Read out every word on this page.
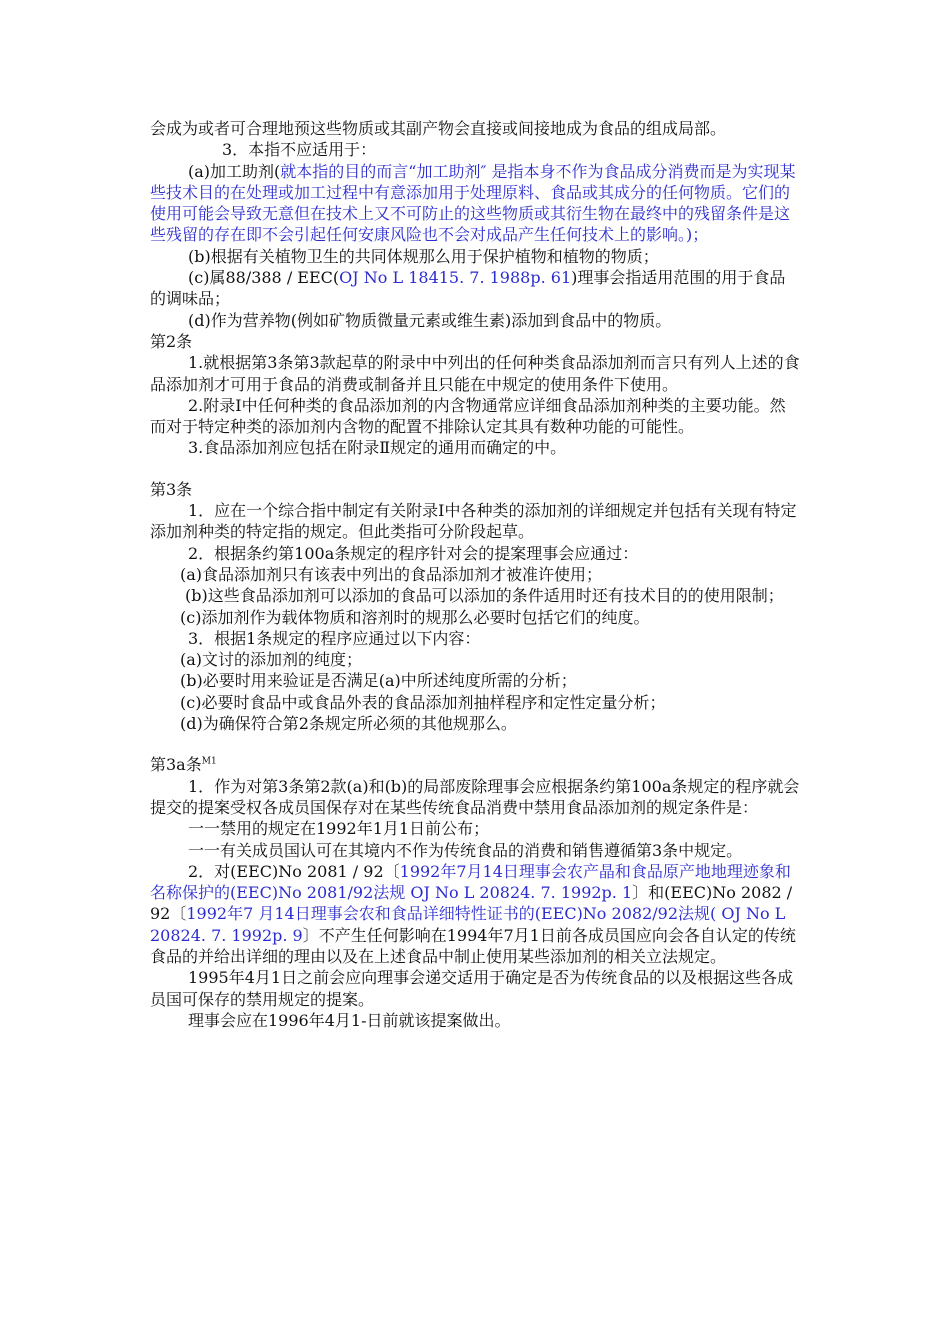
会成为或者可合理地预这些物质或其副产物会直接或间接地成为食品的组成局部。

3．本指不应适用于：

(a)加工助剂(就本指的目的而言“加工助剂″ 是指本身不作为食品成分消费而是为实现某些技术目的在处理或加工过程中有意添加用于处理原料、食品或其成分的任何物质。它们的使用可能会导致无意但在技术上又不可防止的这些物质或其衍生物在最终中的残留条件是这些残留的存在即不会引起任何安康风险也不会对成品产生任何技术上的影响。)；

(b)根据有关植物卫生的共同体规那么用于保护植物和植物的物质；

(c)属88/388 / EEC(OJ No L 18415. 7. 1988p. 61)理事会指适用范围的用于食品的调味品；

(d)作为营养物(例如矿物质微量元素或维生素)添加到食品中的物质。

第2条

1.就根据第3条第3款起草的附录中中列出的任何种类食品添加剂而言只有列人上述的食品添加剂才可用于食品的消费或制备并且只能在中规定的使用条件下使用。

2.附录I中任何种类的食品添加剂的内含物通常应详细食品添加剂种类的主要功能。然而对于特定种类的添加剂内含物的配置不排除认定其具有数种功能的可能性。

3.食品添加剂应包括在附录Ⅱ规定的通用而确定的中。

第3条

1．应在一个综合指中制定有关附录I中各种类的添加剂的详细规定并包括有关现有特定添加剂种类的特定指的规定。但此类指可分阶段起草。

2．根据条约第100a条规定的程序针对会的提案理事会应通过：

(a)食品添加剂只有该表中列出的食品添加剂才被准许使用；

(b)这些食品添加剂可以添加的食品可以添加的条件适用时还有技术目的的使用限制；

(c)添加剂作为载体物质和溶剂时的规那么必要时包括它们的纯度。

3．根据1条规定的程序应通过以下内容：

(a)文讨的添加剂的纯度；

(b)必要时用来验证是否满足(a)中所述纯度所需的分析；

(c)必要时食品中或食品外表的食品添加剂抽样程序和定性定量分析；

(d)为确保符合第2条规定所必须的其他规那么。

第3a条$^{M1}$

1．作为对第3条第2款(a)和(b)的局部废除理事会应根据条约第100a条规定的程序就会提交的提案受权各成员国保存对在某些传统食品消费中禁用食品添加剂的规定条件是：

一一禁用的规定在1992年1月1日前公布；

一一有关成员国认可在其境内不作为传统食品的消费和销售遵循第3条中规定。

2．对(EEC)No 2081 / 92〔1992年7月14日理事会农产晶和食品原产地地理迹象和名称保护的(EEC)No 2081/92法规 OJ No L 20824. 7. 1992p. 1〕和(EEC)No 2082 / 92〔1992年7 月14日理事会农和食品详细特性证书的(EEC)No 2082/92法规( OJ No L 20824. 7. 1992p. 9〕不产生任何影响在1994年7月1日前各成员国应向会各自认定的传统食品的并给出详细的理由以及在上述食品中制止使用某些添加剂的相关立法规定。

1995年4月1日之前会应向理事会递交适用于确定是否为传统食品的以及根据这些各成员国可保存的禁用规定的提案。

理事会应在1996年4月1-日前就该提案做出。
